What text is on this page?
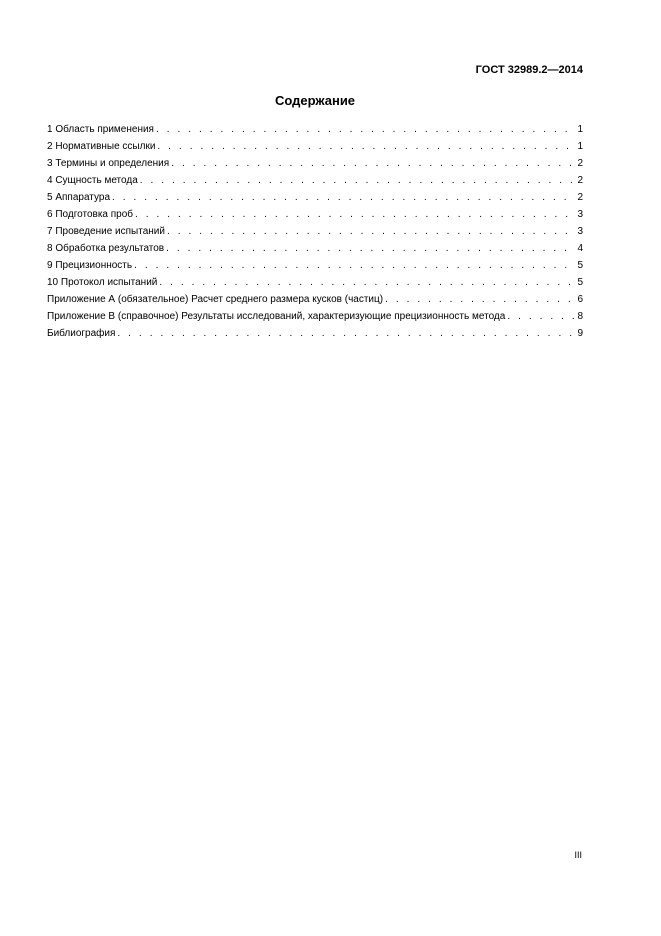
ГОСТ 32989.2—2014
Содержание
1 Область применения . . .	1
2 Нормативные ссылки . . .	1
3 Термины и определения . . .	2
4 Сущность метода . . .	2
5 Аппаратура . . .	2
6 Подготовка проб . . .	3
7 Проведение испытаний . . .	3
8 Обработка результатов . . .	4
9 Прецизионность . . .	5
10 Протокол испытаний . . .	5
Приложение А (обязательное) Расчет среднего размера кусков (частиц) . . .	6
Приложение В (справочное) Результаты исследований, характеризующие прецизионность метода . . .	8
Библиография . . .	9
III
